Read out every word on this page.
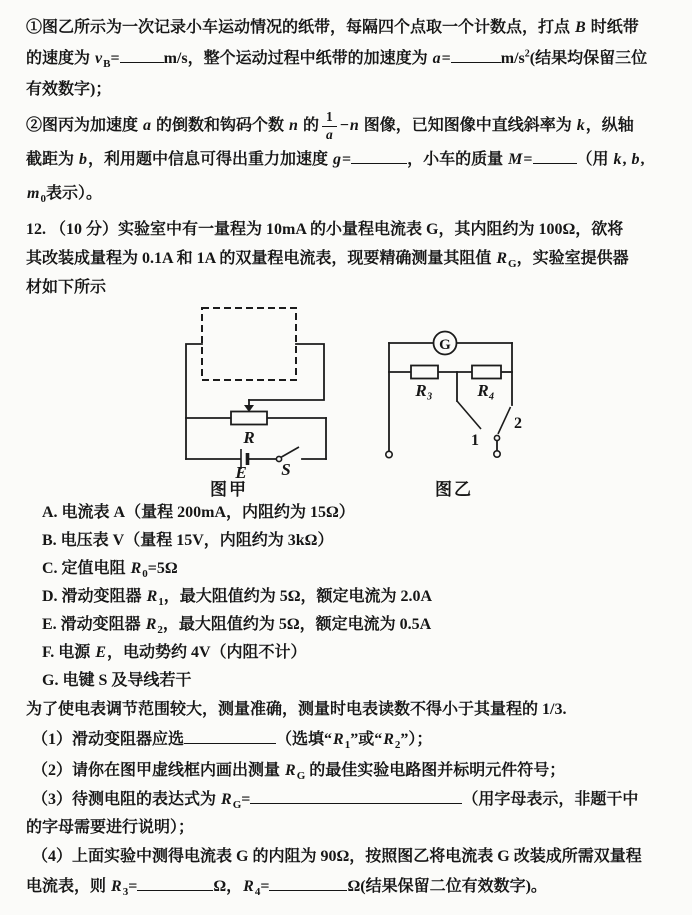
①图乙所示为一次记录小车运动情况的纸带，每隔四个点取一个计数点，打点 B 时纸带

的速度为 $v_B=$	m/s，整个运动过程中纸带的加速度为 a=	$m/s^2$(结果均保留三位

有效数字)；

②图丙为加速度 a 的倒数和钩码个数 n 的 $\frac{1}{a} -n$ 图像，已知图像中直线斜率为 k，纵轴

截距为 b，利用题中信息可得出重力加速度 g=	，小车的质量 M=	（用 k, b,

$m_0$表示）。

12. （10 分）实验室中有一量程为 10mA 的小量程电流表 G，其内阻约为 100Ω，欲将

其改装成量程为 0.1A 和 1A 的双量程电流表，现要精确测量其阻值 $R_G$，实验室提供器

材如下所示

R
E S
图甲
G
R₃	R₄
1
2
图乙

A. 电流表 A（量程 200mA，内阻约为 15Ω）

B. 电压表 V（量程 15V，内阻约为 3kΩ）

C. 定值电阻 $R_0=5\Omega$

D. 滑动变阻器 $R_1$，最大阻值约为 5Ω，额定电流为 2.0A

E. 滑动变阻器 $R_2$，最大阻值约为 5Ω，额定电流为 0.5A

F. 电源 E，电动势约 4V（内阻不计）

G. 电键 S 及导线若干

为了使电表调节范围较大，测量准确，测量时电表读数不得小于其量程的 1/3.

（1）滑动变阻器应选	（选填“$R_1$”或“$R_2$”）；

（2）请你在图甲虚线框内画出测量 $R_G$ 的最佳实验电路图并标明元件符号；

（3）待测电阻的表达式为 $R_G=$	（用字母表示，非题干中

的字母需要进行说明）；

（4）上面实验中测得电流表 G 的内阻为 90Ω，按照图乙将电流表 G 改装成所需双量程

电流表，则 $R_3=$	Ω，$R_4=$	Ω(结果保留二位有效数字)。
